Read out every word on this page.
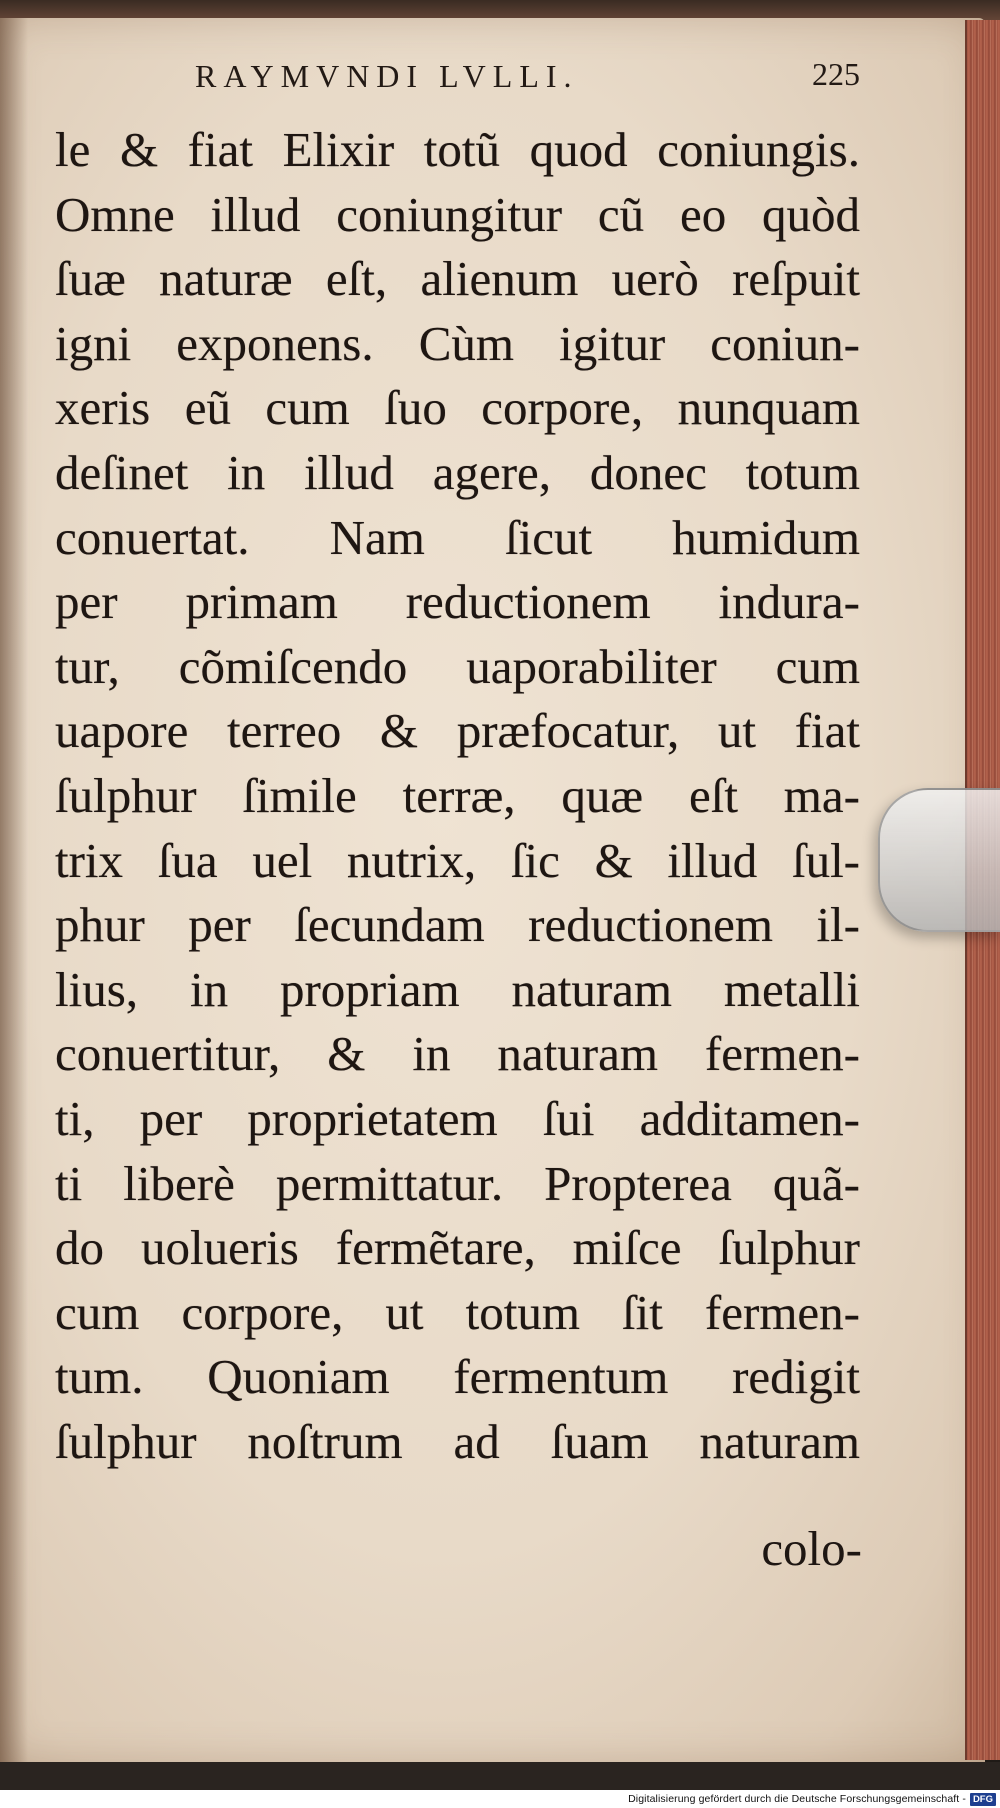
RAYMVNDI LVLLI.	225
le & fiat Elixir totũ quod coniungis.
Omne illud coniungitur cũ eo quòd
ſuæ naturæ eſt, alienum uerò reſpuit
igni exponens. Cùm igitur coniun-
xeris eũ cum ſuo corpore, nunquam
deſinet in illud agere, donec totum
conuertat. Nam ſicut humidum
per primam reductionem indura-
tur, cõmiſcendo uaporabiliter cum
uapore terreo & præfocatur, ut fiat
ſulphur ſimile terræ, quæ eſt ma-
trix ſua uel nutrix, ſic & illud ſul-
phur per ſecundam reductionem il-
lius, in propriam naturam metalli
conuertitur, & in naturam fermen-
ti, per proprietatem ſui additamen-
ti liberè permittatur. Propterea quã-
do uolueris fermẽtare, miſce ſulphur
cum corpore, ut totum ſit fermen-
tum. Quoniam fermentum redigit
ſulphur noſtrum ad ſuam naturam
colo-
Digitalisierung gefördert durch die Deutsche Forschungsgemeinschaft - DFG
